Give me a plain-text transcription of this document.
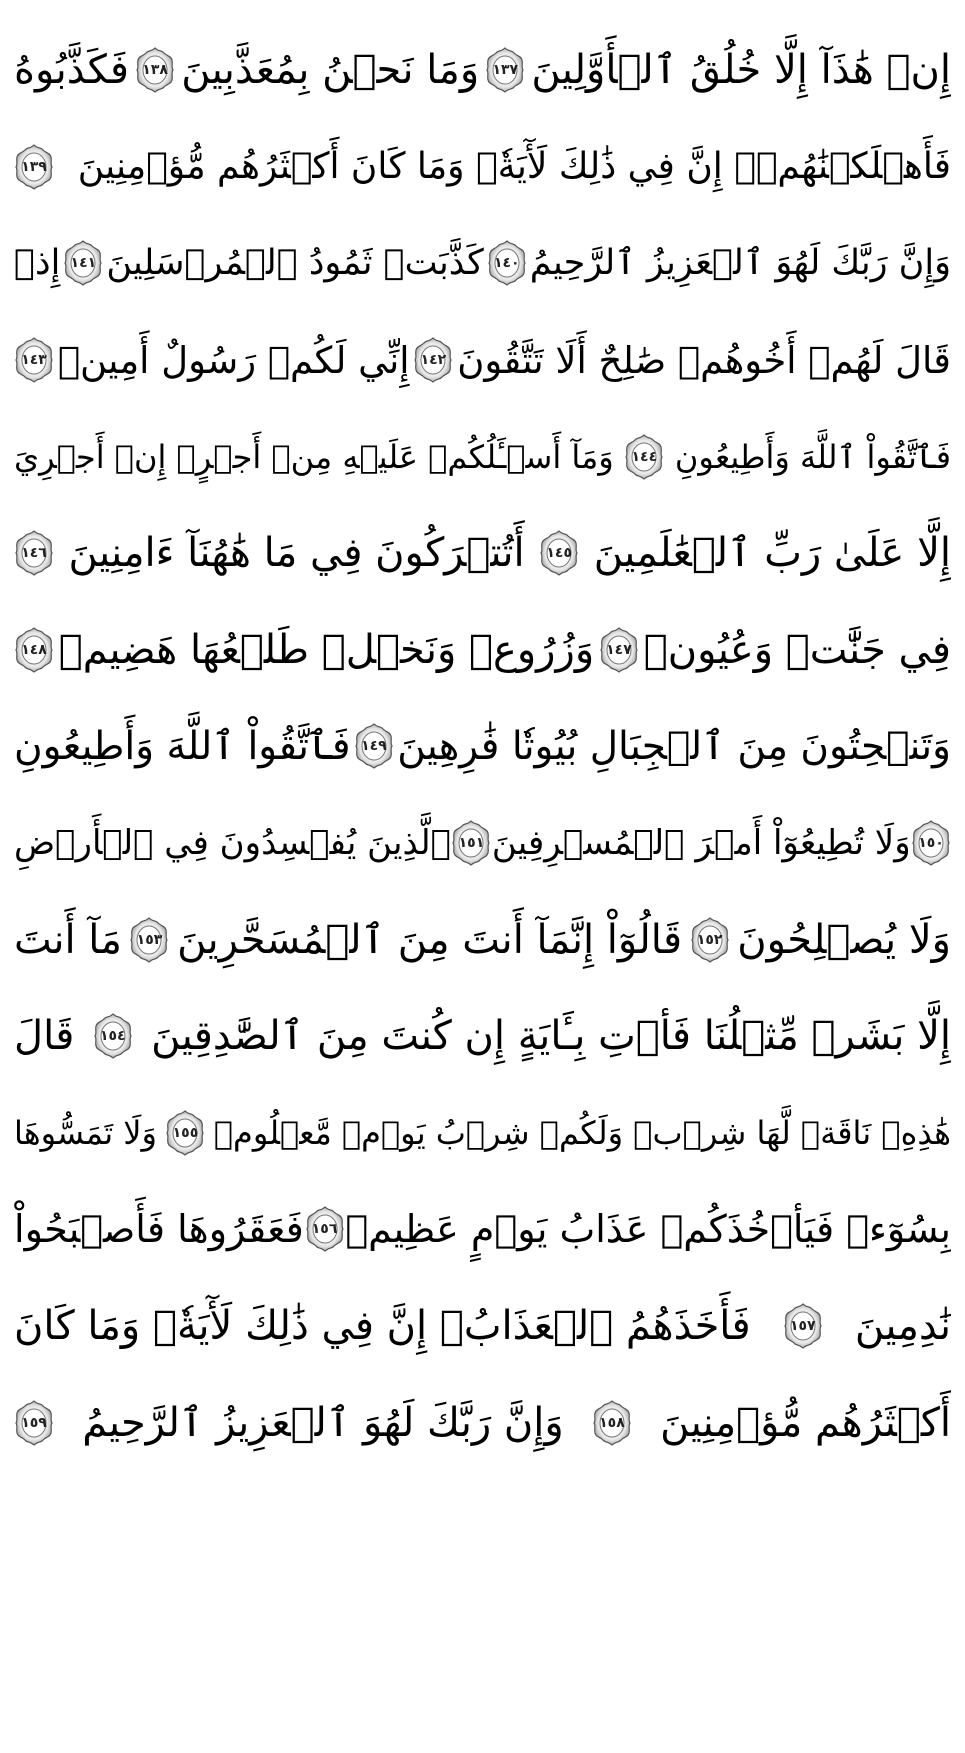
إِنۡ هَٰذَآ إِلَّا خُلُقُ ٱلۡأَوَّلِينَ
١٣٧
وَمَا نَحۡنُ بِمُعَذَّبِينَ
١٣٨
فَكَذَّبُوهُ
فَأَهۡلَكۡنَٰهُمۡۚ إِنَّ فِي ذَٰلِكَ لَأٓيَةٗۖ وَمَا كَانَ أَكۡثَرُهُم مُّؤۡمِنِينَ
١٣٩
وَإِنَّ رَبَّكَ لَهُوَ ٱلۡعَزِيزُ ٱلرَّحِيمُ
١٤٠
كَذَّبَتۡ ثَمُودُ ٱلۡمُرۡسَلِينَ
١٤١
إِذۡ
قَالَ لَهُمۡ أَخُوهُمۡ صَٰلِحٌ أَلَا تَتَّقُونَ
١٤٢
إِنِّي لَكُمۡ رَسُولٌ أَمِينٞ
١٤٣
فَٱتَّقُواْ ٱللَّهَ وَأَطِيعُونِ
١٤٤
وَمَآ أَسۡـَٔلُكُمۡ عَلَيۡهِ مِنۡ أَجۡرٍۖ إِنۡ أَجۡرِيَ
إِلَّا عَلَىٰ رَبِّ ٱلۡعَٰلَمِينَ
١٤٥
أَتُتۡرَكُونَ فِي مَا هَٰهُنَآ ءَامِنِينَ
١٤٦
فِي جَنَّٰتٖ وَعُيُونٖ
١٤٧
وَزُرُوعٖ وَنَخۡلٖ طَلۡعُهَا هَضِيمٞ
١٤٨
وَتَنۡحِتُونَ مِنَ ٱلۡجِبَالِ بُيُوتٗا فَٰرِهِينَ
١٤٩
فَٱتَّقُواْ ٱللَّهَ وَأَطِيعُونِ
١٥٠
وَلَا تُطِيعُوٓاْ أَمۡرَ ٱلۡمُسۡرِفِينَ
١٥١
ٱلَّذِينَ يُفۡسِدُونَ فِي ٱلۡأَرۡضِ
وَلَا يُصۡلِحُونَ
١٥٢
قَالُوٓاْ إِنَّمَآ أَنتَ مِنَ ٱلۡمُسَحَّرِينَ
١٥٣
مَآ أَنتَ
إِلَّا بَشَرٞ مِّثۡلُنَا فَأۡتِ بِـَٔايَةٍ إِن كُنتَ مِنَ ٱلصَّٰدِقِينَ
١٥٤
قَالَ
هَٰذِهِۦ نَاقَةٞ لَّهَا شِرۡبٞ وَلَكُمۡ شِرۡبُ يَوۡمٖ مَّعۡلُومٖ
١٥٥
وَلَا تَمَسُّوهَا
بِسُوٓءٖ فَيَأۡخُذَكُمۡ عَذَابُ يَوۡمٍ عَظِيمٖ
١٥٦
فَعَقَرُوهَا فَأَصۡبَحُواْ
نَٰدِمِينَ
١٥٧
فَأَخَذَهُمُ ٱلۡعَذَابُۚ إِنَّ فِي ذَٰلِكَ لَأٓيَةٗۖ وَمَا كَانَ
أَكۡثَرُهُم مُّؤۡمِنِينَ
١٥٨
وَإِنَّ رَبَّكَ لَهُوَ ٱلۡعَزِيزُ ٱلرَّحِيمُ
١٥٩
